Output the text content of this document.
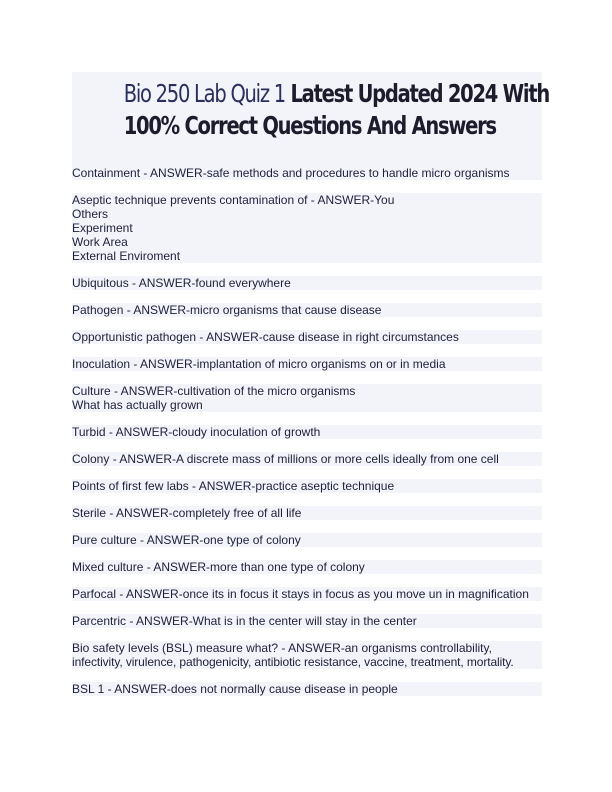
Bio 250 Lab Quiz 1 Latest Updated 2024 With

100% Correct Questions And Answers

Containment - ANSWER-safe methods and procedures to handle micro organisms
Aseptic technique prevents contamination of - ANSWER-You
Others
Experiment
Work Area
External Enviroment
Ubiquitous - ANSWER-found everywhere
Pathogen - ANSWER-micro organisms that cause disease
Opportunistic pathogen - ANSWER-cause disease in right circumstances
Inoculation - ANSWER-implantation of micro organisms on or in media
Culture - ANSWER-cultivation of the micro organisms
What has actually grown
Turbid - ANSWER-cloudy inoculation of growth
Colony - ANSWER-A discrete mass of millions or more cells ideally from one cell
Points of first few labs - ANSWER-practice aseptic technique
Sterile - ANSWER-completely free of all life
Pure culture - ANSWER-one type of colony
Mixed culture - ANSWER-more than one type of colony
Parfocal - ANSWER-once its in focus it stays in focus as you move un in magnification
Parcentric - ANSWER-What is in the center will stay in the center
Bio safety levels (BSL) measure what? - ANSWER-an organisms controllability,
infectivity, virulence, pathogenicity, antibiotic resistance, vaccine, treatment, mortality.
BSL 1 - ANSWER-does not normally cause disease in people
